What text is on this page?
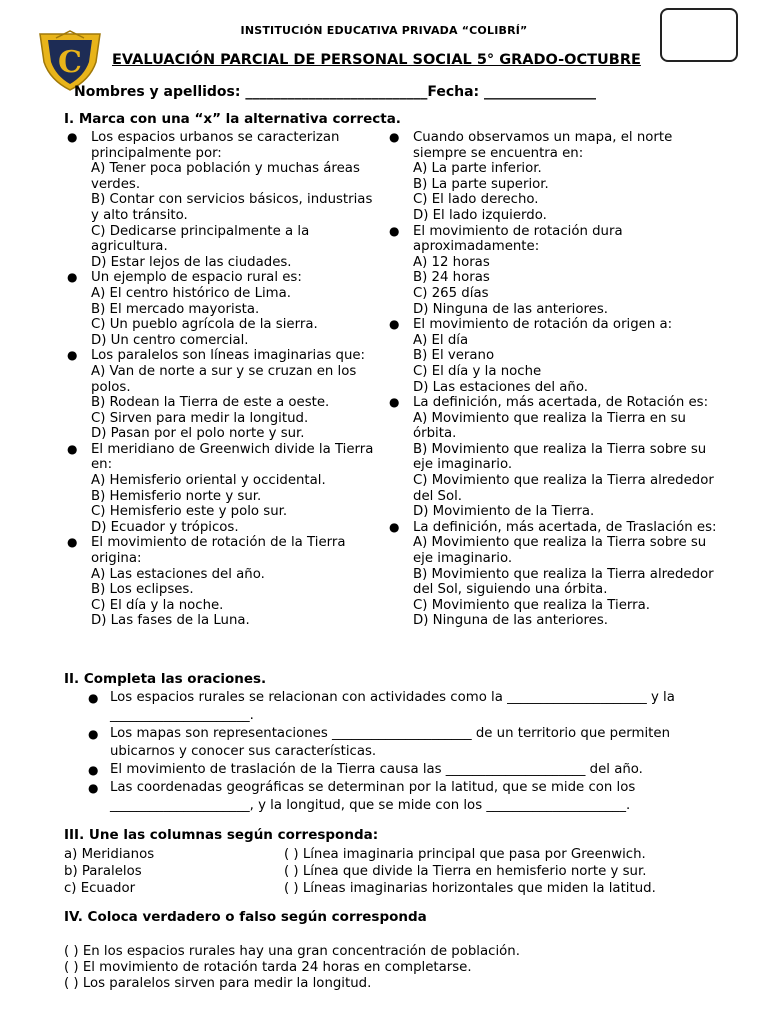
C
INSTITUCIÓN EDUCATIVA PRIVADA “COLIBRÍ”
EVALUACIÓN PARCIAL DE PERSONAL SOCIAL 5° GRADO-OCTUBRE
Nombres y apellidos: __________________________Fecha: ________________
I. Marca con una “x” la alternativa correcta.
● Los espacios urbanos se caracterizan principalmente por:
A) Tener poca población y muchas áreas verdes.
B) Contar con servicios básicos, industrias y alto tránsito.
C) Dedicarse principalmente a la agricultura.
D) Estar lejos de las ciudades.
● Un ejemplo de espacio rural es:
A) El centro histórico de Lima.
B) El mercado mayorista.
C) Un pueblo agrícola de la sierra.
D) Un centro comercial.
● Los paralelos son líneas imaginarias que:
A) Van de norte a sur y se cruzan en los polos.
B) Rodean la Tierra de este a oeste.
C) Sirven para medir la longitud.
D) Pasan por el polo norte y sur.
● El meridiano de Greenwich divide la Tierra en:
A) Hemisferio oriental y occidental.
B) Hemisferio norte y sur.
C) Hemisferio este y polo sur.
D) Ecuador y trópicos.
● El movimiento de rotación de la Tierra origina:
A) Las estaciones del año.
B) Los eclipses.
C) El día y la noche.
D) Las fases de la Luna.
● Cuando observamos un mapa, el norte siempre se encuentra en:
A) La parte inferior.
B) La parte superior.
C) El lado derecho.
D) El lado izquierdo.
● El movimiento de rotación dura aproximadamente:
A) 12 horas
B) 24 horas
C) 265 días
D) Ninguna de las anteriores.
● El movimiento de rotación da origen a:
A) El día
B) El verano
C) El día y la noche
D) Las estaciones del año.
● La definición, más acertada, de Rotación es:
A) Movimiento que realiza la Tierra en su órbita.
B) Movimiento que realiza la Tierra sobre su eje imaginario.
C) Movimiento que realiza la Tierra alrededor del Sol.
D) Movimiento de la Tierra.
● La definición, más acertada, de Traslación es:
A) Movimiento que realiza la Tierra sobre su eje imaginario.
B) Movimiento que realiza la Tierra alrededor del Sol, siguiendo una órbita.
C) Movimiento que realiza la Tierra.
D) Ninguna de las anteriores.
II. Completa las oraciones.
● Los espacios rurales se relacionan con actividades como la _____________________ y la _____________________.
● Los mapas son representaciones _____________________ de un territorio que permiten ubicarnos y conocer sus características.
● El movimiento de traslación de la Tierra causa las _____________________ del año.
● Las coordenadas geográficas se determinan por la latitud, que se mide con los _____________________, y la longitud, que se mide con los _____________________.
III. Une las columnas según corresponda:
a) Meridianos
b) Paralelos
c) Ecuador
( ) Línea imaginaria principal que pasa por Greenwich.
( ) Línea que divide la Tierra en hemisferio norte y sur.
( ) Líneas imaginarias horizontales que miden la latitud.
IV. Coloca verdadero o falso según corresponda
( ) En los espacios rurales hay una gran concentración de población.
( ) El movimiento de rotación tarda 24 horas en completarse.
( ) Los paralelos sirven para medir la longitud.
